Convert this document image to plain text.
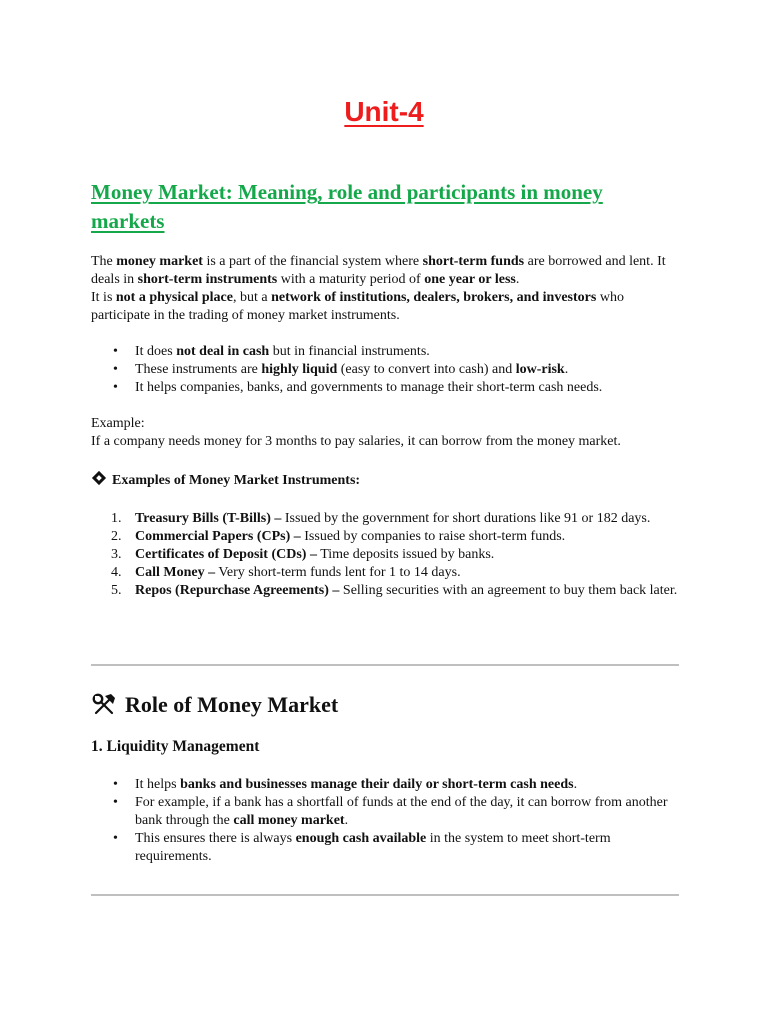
Unit-4
Money Market: Meaning, role and participants in money markets

The money market is a part of the financial system where short-term funds are borrowed and lent. It deals in short-term instruments with a maturity period of one year or less.

It is not a physical place, but a network of institutions, dealers, brokers, and investors who participate in the trading of money market instruments.

• It does not deal in cash but in financial instruments.
• These instruments are highly liquid (easy to convert into cash) and low-risk.
• It helps companies, banks, and governments to manage their short-term cash needs.

Example:

If a company needs money for 3 months to pay salaries, it can borrow from the money market.

Examples of Money Market Instruments:
1. Treasury Bills (T-Bills) – Issued by the government for short durations like 91 or 182 days.
2. Commercial Papers (CPs) – Issued by companies to raise short-term funds.
3. Certificates of Deposit (CDs) – Time deposits issued by banks.
4. Call Money – Very short-term funds lent for 1 to 14 days.
5. Repos (Repurchase Agreements) – Selling securities with an agreement to buy them back later.
Role of Money Market
1. Liquidity Management
• It helps banks and businesses manage their daily or short-term cash needs.
• For example, if a bank has a shortfall of funds at the end of the day, it can borrow from another bank through the call money market.
• This ensures there is always enough cash available in the system to meet short-term requirements.
